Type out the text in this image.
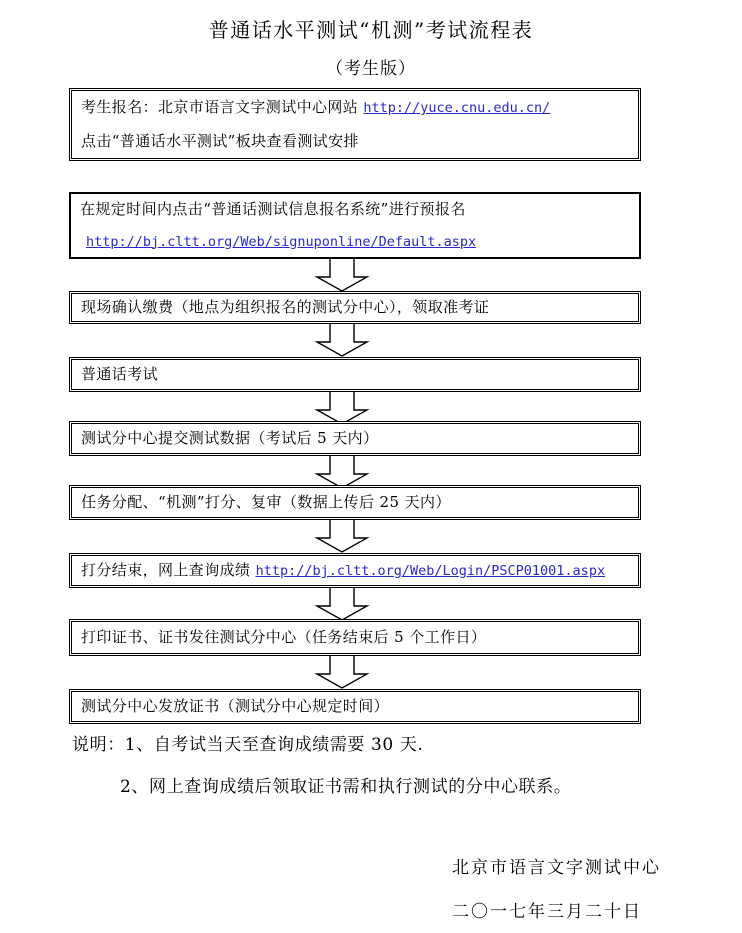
普通话水平测试“机测”考试流程表
（考生版）
考生报名：北京市语言文字测试中心网站 http://yuce.cnu.edu.cn/
点击“普通话水平测试”板块查看测试安排
在规定时间内点击“普通话测试信息报名系统”进行预报名
http://bj.cltt.org/Web/signuponline/Default.aspx
现场确认缴费（地点为组织报名的测试分中心），领取准考证
普通话考试
测试分中心提交测试数据（考试后 5 天内）
任务分配、“机测”打分、复审（数据上传后 25 天内）
打分结束，网上查询成绩 http://bj.cltt.org/Web/Login/PSCP01001.aspx
打印证书、证书发往测试分中心（任务结束后 5 个工作日）
测试分中心发放证书（测试分中心规定时间）
说明：1、自考试当天至查询成绩需要 30 天.
2、网上查询成绩后领取证书需和执行测试的分中心联系。
北京市语言文字测试中心
二〇一七年三月二十日
